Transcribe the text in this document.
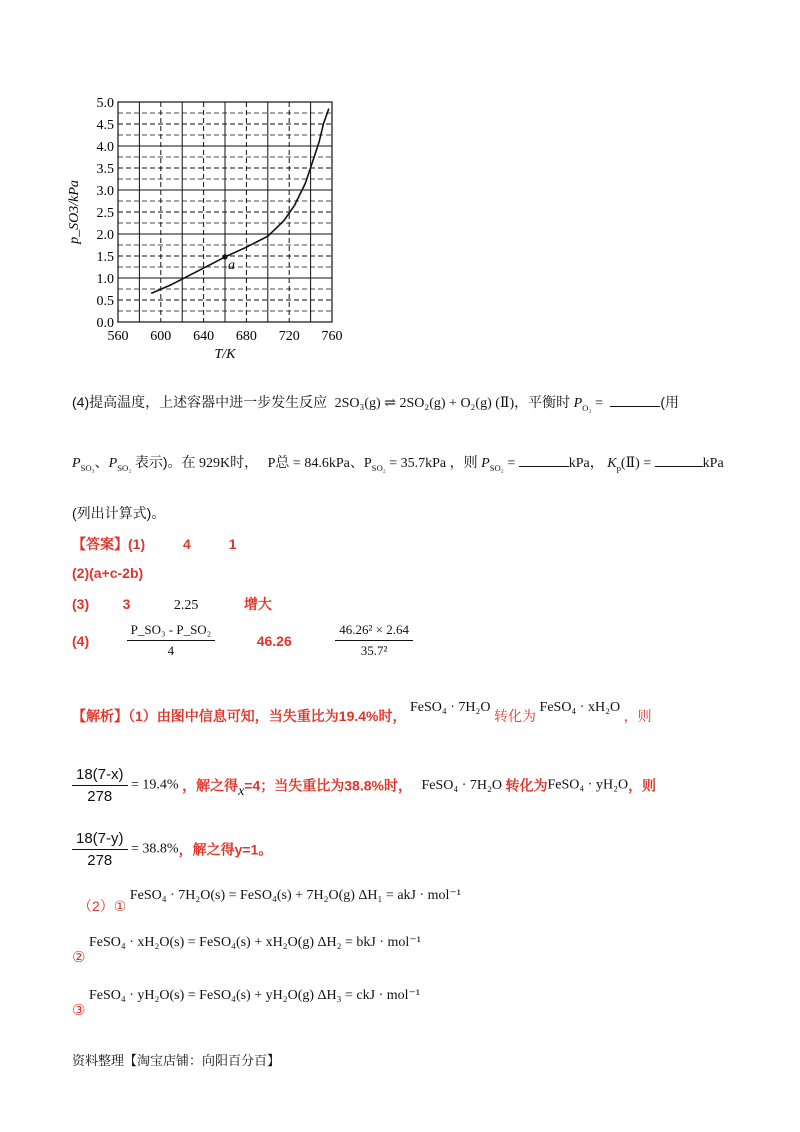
0.0
0.5
1.0
1.5
2.0
2.5
3.0
3.5
4.0
4.5
5.0
560 600 640 680 720 760
a
T/K
p_SO3/kPa
(4)提高温度，上述容器中进一步发生反应 2SO₃(g) ⇌ 2SO₂(g) + O₂(g) (Ⅱ)，平衡时 $P_{O_2}$ =	(用
$P_{SO_3}$、$P_{SO_2}$ 表示)。在 929K时， P总 = 84.6kPa、$P_{SO_2} = 35.7kPa$ ，则 $P_{SO_2}$ =	kPa， $K_p(Ⅱ)$ =	kPa
(列出计算式)。
【答案】(1)	4	1
(2)(a+c-2b)
(3) 3	2.25	增大
(4)	$\frac{\text{P\_SO₃ - P\_SO₂}}{4}$	46.26	$\frac{\text{46.26² × 2.64}}{\text{35.7²}}$
【解析】（1）由图中信息可知，当失重比为19.4%时， FeSO₄ · 7H₂O 转化为 FeSO₄ · xH₂O ，则
$\frac{18(7-x)}{278} = 19.4\%$ ，解之得x=4；当失重比为38.8%时， FeSO₄ · 7H₂O 转化为FeSO₄ · yH₂O，则
$\frac{18(7-y)}{278} = 38.8\%$，解之得y=1。
（2）① FeSO₄ · 7H₂O(s) = FeSO₄(s) + 7H₂O(g) ΔH₁ = akJ · mol⁻¹
② FeSO₄ · xH₂O(s) = FeSO₄(s) + xH₂O(g) ΔH₂ = bkJ · mol⁻¹
③ FeSO₄ · yH₂O(s) = FeSO₄(s) + yH₂O(g) ΔH₃ = ckJ · mol⁻¹
资料整理【淘宝店铺：向阳百分百】
